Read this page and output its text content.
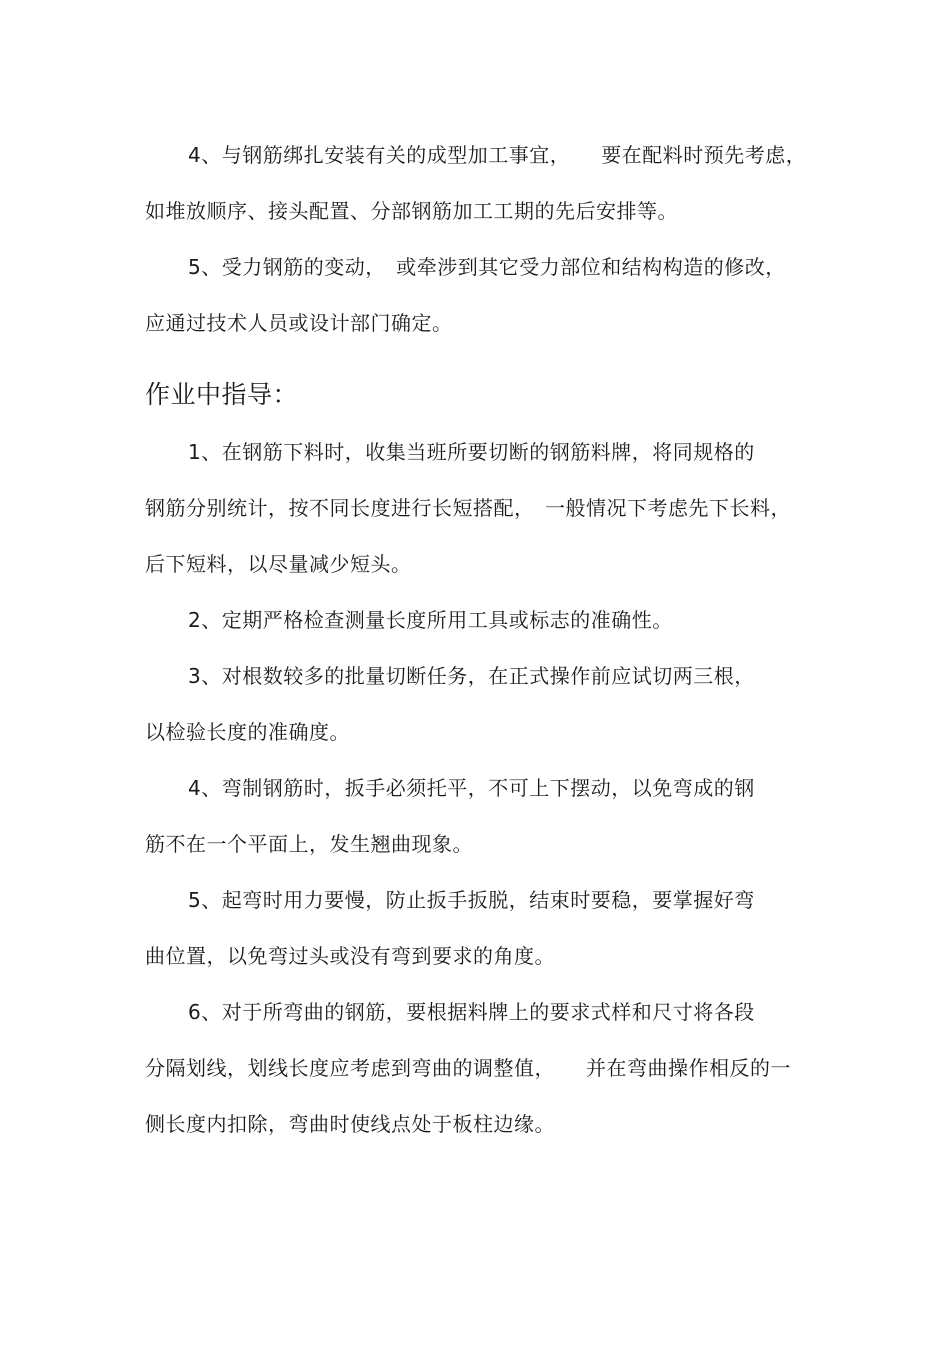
4、与钢筋绑扎安装有关的成型加工事宜，　　要在配料时预先考虑，
如堆放顺序、接头配置、分部钢筋加工工期的先后安排等。
5、受力钢筋的变动，　或牵涉到其它受力部位和结构构造的修改，
应通过技术人员或设计部门确定。
作业中指导：
1、在钢筋下料时，收集当班所要切断的钢筋料牌，将同规格的
钢筋分别统计，按不同长度进行长短搭配，　一般情况下考虑先下长料，
后下短料，以尽量减少短头。
2、定期严格检查测量长度所用工具或标志的准确性。
3、对根数较多的批量切断任务，在正式操作前应试切两三根，
以检验长度的准确度。
4、弯制钢筋时，扳手必须托平，不可上下摆动，以免弯成的钢
筋不在一个平面上，发生翘曲现象。
5、起弯时用力要慢，防止扳手扳脱，结束时要稳，要掌握好弯
曲位置，以免弯过头或没有弯到要求的角度。
6、对于所弯曲的钢筋，要根据料牌上的要求式样和尺寸将各段
分隔划线，划线长度应考虑到弯曲的调整值，　　并在弯曲操作相反的一
侧长度内扣除，弯曲时使线点处于板柱边缘。
